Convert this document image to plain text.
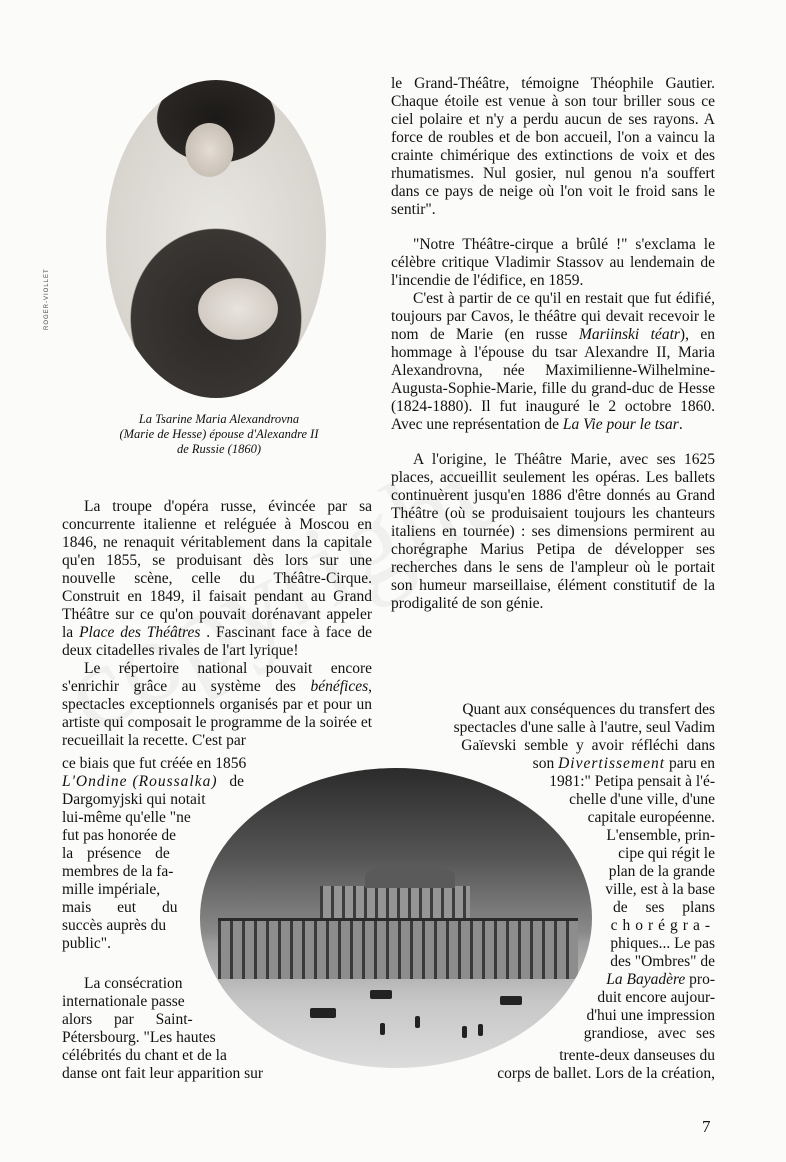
ROGER-VIOLLET
La Tsarine Maria Alexandrovna
(Marie de Hesse) épouse d'Alexandre II
de Russie (1860)

le Grand-Théâtre, témoigne Théophile Gautier. Chaque étoile est venue à son tour briller sous ce ciel polaire et n'y a perdu aucun de ses rayons. A force de roubles et de bon accueil, l'on a vaincu la crainte chimérique des extinctions de voix et des rhumatismes. Nul gosier, nul genou n'a souffert dans ce pays de neige où l'on voit le froid sans le sentir".

"Notre Théâtre-cirque a brûlé !" s'exclama le célèbre critique Vladimir Stassov au lendemain de l'incendie de l'édifice, en 1859.

C'est à partir de ce qu'il en restait que fut édifié, toujours par Cavos, le théâtre qui devait recevoir le nom de Marie (en russe Mariinski téatr), en hommage à l'épouse du tsar Alexandre II, Maria Alexandrovna, née Maximilienne-Wilhelmine-Augusta-Sophie-Marie, fille du grand-duc de Hesse (1824-1880). Il fut inauguré le 2 octobre 1860. Avec une représentation de La Vie pour le tsar.

A l'origine, le Théâtre Marie, avec ses 1625 places, accueillit seulement les opéras. Les ballets continuèrent jusqu'en 1886 d'être donnés au Grand Théâtre (où se produisaient toujours les chanteurs italiens en tournée) : ses dimensions permirent au chorégraphe Marius Petipa de développer ses recherches dans le sens de l'ampleur où le portait son humeur marseillaise, élément constitutif de la prodigalité de son génie.

La troupe d'opéra russe, évincée par sa concurrente italienne et reléguée à Moscou en 1846, ne renaquit véritablement dans la capitale qu'en 1855, se produisant dès lors sur une nouvelle scène, celle du Théâtre-Cirque. Construit en 1849, il faisait pendant au Grand Théâtre sur ce qu'on pouvait dorénavant appeler la Place des Théâtres . Fascinant face à face de deux citadelles rivales de l'art lyrique!

Le répertoire national pouvait encore s'enrichir grâce au système des bénéfices, spectacles exceptionnels organisés par et pour un artiste qui composait le programme de la soirée et recueillait la recette. C'est par

ce biais que fut créée en 1856
L'Ondine (Roussalka) de
Dargomyjski qui notait
lui-même qu'elle "ne
fut pas honorée de
la présence de
membres de la fa-
mille impériale,
mais eut du
succès auprès du
public".
La consécration
internationale passe
alors par Saint-
Pétersbourg. "Les hautes
célébrités du chant et de la
danse ont fait leur apparition sur
Quant aux conséquences du transfert des
spectacles d'une salle à l'autre, seul Vadim
Gaïevski semble y avoir réfléchi dans
son Divertissement paru en
1981:" Petipa pensait à l'é-
chelle d'une ville, d'une
capitale européenne.
L'ensemble, prin-
cipe qui régit le
plan de la grande
ville, est à la base
de ses plans
chorégra-
phiques... Le pas
des "Ombres" de
La Bayadère pro-
duit encore aujour-
d'hui une impression
grandiose, avec ses
trente-deux danseuses du
corps de ballet. Lors de la création,
7
